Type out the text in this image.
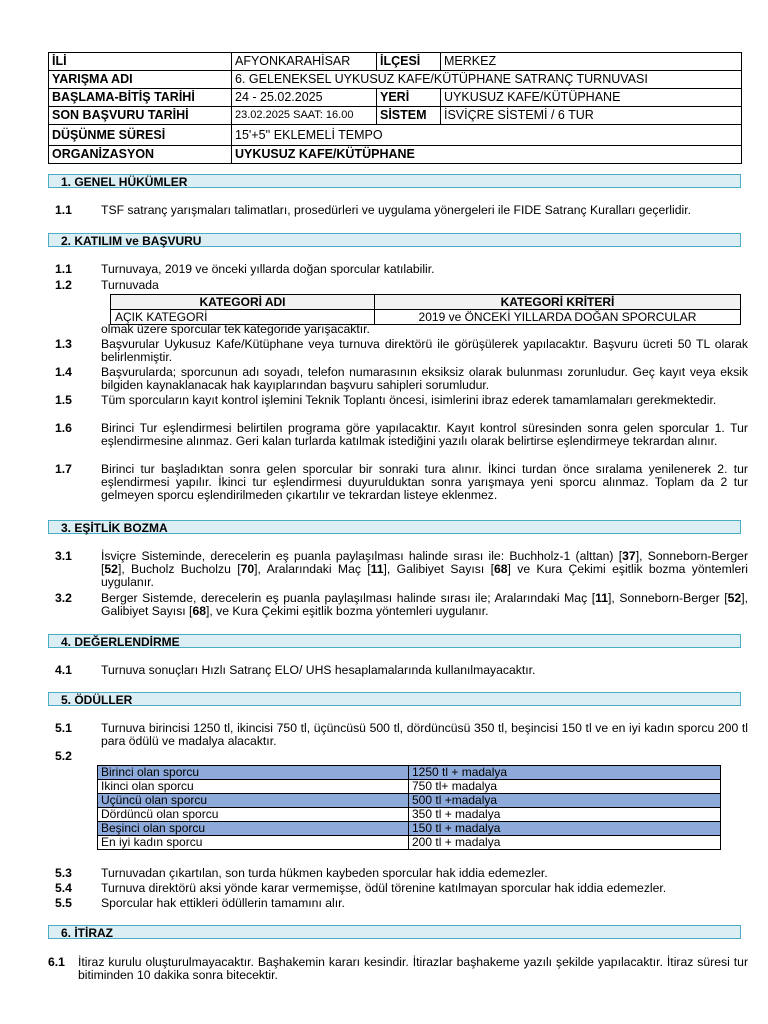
İLİ	AFYONKARAHİSAR	İLÇESİ	MERKEZ
YARIŞMA ADI	6. GELENEKSEL UYKUSUZ KAFE/KÜTÜPHANE SATRANÇ TURNUVASI		
BAŞLAMA-BİTİŞ TARİHİ	24 - 25.02.2025	YERİ	UYKUSUZ KAFE/KÜTÜPHANE
SON BAŞVURU TARİHİ	23.02.2025 SAAT: 16.00	SİSTEM	İSVİÇRE SİSTEMİ / 6 TUR
DÜŞÜNME SÜRESİ	15'+5'' EKLEMELİ TEMPO		
ORGANİZASYON	UYKUSUZ KAFE/KÜTÜPHANE		
1. GENEL HÜKÜMLER
1.1 TSF satranç yarışmaları talimatları, prosedürleri ve uygulama yönergeleri ile FIDE Satranç Kuralları geçerlidir.
2. KATILIM ve BAŞVURU
1.1 Turnuvaya, 2019 ve önceki yıllarda doğan sporcular katılabilir.
1.2 Turnuvada
KATEGORİ ADI	KATEGORİ KRİTERİ
AÇIK KATEGORİ	2019 ve ÖNCEKİ YILLARDA DOĞAN SPORCULAR
olmak üzere sporcular tek kategoride yarışacaktır.
1.3 Başvurular Uykusuz Kafe/Kütüphane veya turnuva direktörü ile görüşülerek yapılacaktır. Başvuru ücreti 50 TL olarak belirlenmiştir.
1.4 Başvurularda; sporcunun adı soyadı, telefon numarasının eksiksiz olarak bulunması zorunludur. Geç kayıt veya eksik bilgiden kaynaklanacak hak kayıplarından başvuru sahipleri sorumludur.
1.5 Tüm sporcuların kayıt kontrol işlemini Teknik Toplantı öncesi, isimlerini ibraz ederek tamamlamaları gerekmektedir.
1.6 Birinci Tur eşlendirmesi belirtilen programa göre yapılacaktır. Kayıt kontrol süresinden sonra gelen sporcular 1. Tur eşlendirmesine alınmaz. Geri kalan turlarda katılmak istediğini yazılı olarak belirtirse eşlendirmeye tekrardan alınır.
1.7 Birinci tur başladıktan sonra gelen sporcular bir sonraki tura alınır. İkinci turdan önce sıralama yenilenerek 2. tur eşlendirmesi yapılır. İkinci tur eşlendirmesi duyurulduktan sonra yarışmaya yeni sporcu alınmaz. Toplam da 2 tur gelmeyen sporcu eşlendirilmeden çıkartılır ve tekrardan listeye eklenmez.
3. EŞİTLİK BOZMA
3.1 İsviçre Sisteminde, derecelerin eş puanla paylaşılması halinde sırası ile: Buchholz-1 (alttan) [37], Sonneborn-Berger [52], Bucholz Bucholzu [70], Aralarındaki Maç [11], Galibiyet Sayısı [68] ve Kura Çekimi eşitlik bozma yöntemleri uygulanır.
3.2 Berger Sistemde, derecelerin eş puanla paylaşılması halinde sırası ile; Aralarındaki Maç [11], Sonneborn-Berger [52], Galibiyet Sayısı [68], ve Kura Çekimi eşitlik bozma yöntemleri uygulanır.
4. DEĞERLENDİRME
4.1 Turnuva sonuçları Hızlı Satranç ELO/ UHS hesaplamalarında kullanılmayacaktır.
5. ÖDÜLLER
5.1 Turnuva birincisi 1250 tl, ikincisi 750 tl, üçüncüsü 500 tl, dördüncüsü 350 tl, beşincisi 150 tl ve en iyi kadın sporcu 200 tl para ödülü ve madalya alacaktır.
5.2
Birinci olan sporcu	1250 tl + madalya
Ikinci olan sporcu	750 tl+ madalya
Uçüncü olan sporcu	500 tl +madalya
Dördüncü olan sporcu	350 tl + madalya
Beşinci olan sporcu	150 tl + madalya
En iyi kadın sporcu	200 tl + madalya
5.3 Turnuvadan çıkartılan, son turda hükmen kaybeden sporcular hak iddia edemezler.
5.4 Turnuva direktörü aksi yönde karar vermemişse, ödül törenine katılmayan sporcular hak iddia edemezler.
5.5 Sporcular hak ettikleri ödüllerin tamamını alır.
6. İTİRAZ
6.1 İtiraz kurulu oluşturulmayacaktır. Başhakemin kararı kesindir. İtirazlar başhakeme yazılı şekilde yapılacaktır. İtiraz süresi tur bitiminden 10 dakika sonra bitecektir.
